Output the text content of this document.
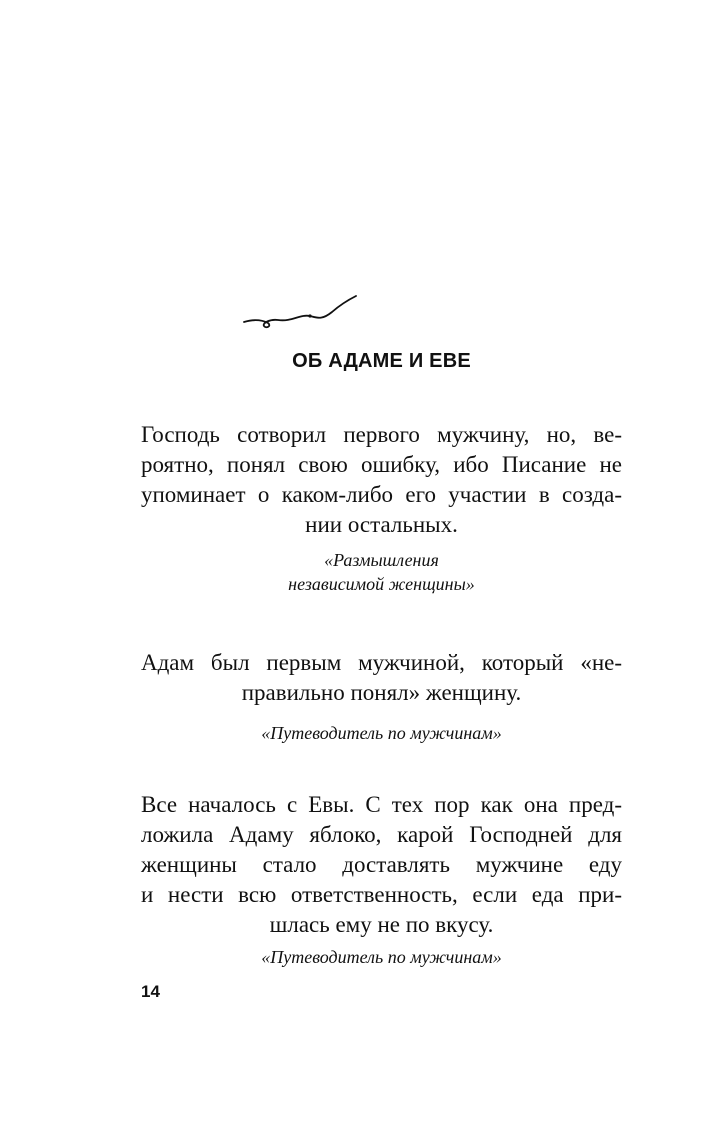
ОБ АДАМЕ И ЕВЕ
Господь сотворил первого мужчину, но, ве-
роятно, понял свою ошибку, ибо Писание не
упоминает о каком-либо его участии в созда-
нии остальных.
«Размышления
независимой женщины»
Адам был первым мужчиной, который «не-
правильно понял» женщину.
«Путеводитель по мужчинам»
Все началось с Евы. С тех пор как она пред-
ложила Адаму яблоко, карой Господней для
женщины стало доставлять мужчине еду
и нести всю ответственность, если еда при-
шлась ему не по вкусу.
«Путеводитель по мужчинам»
14
